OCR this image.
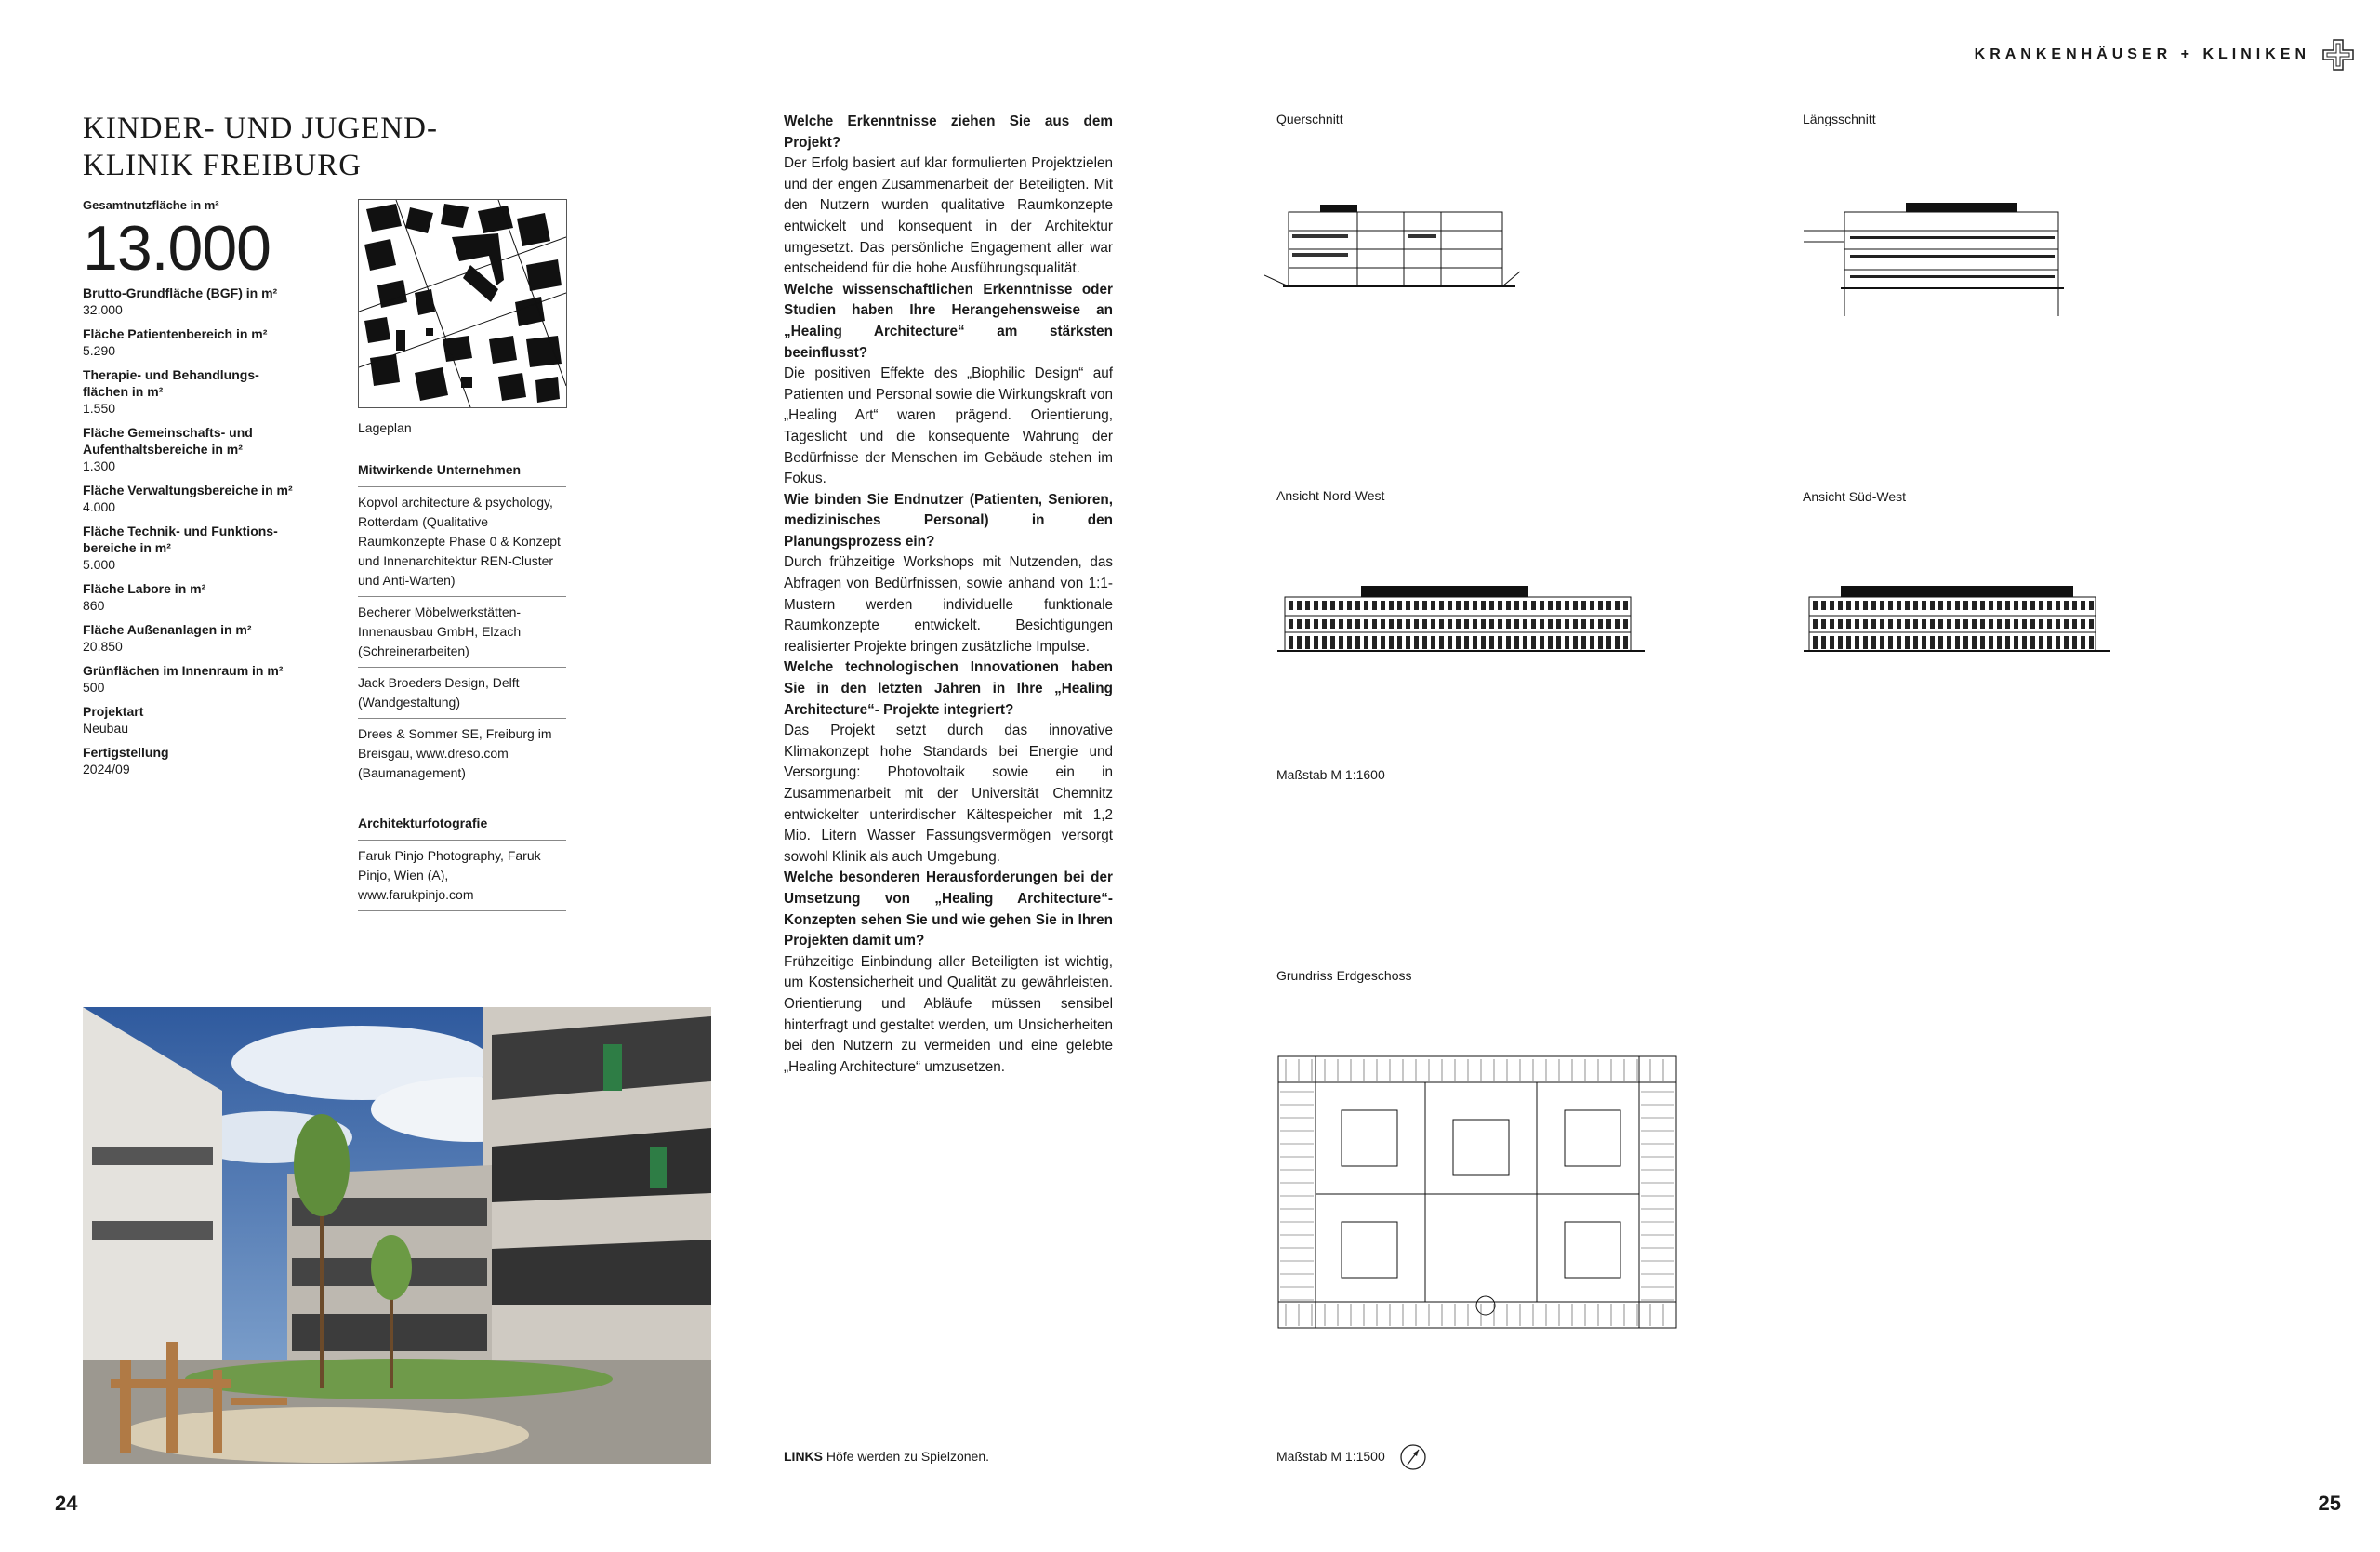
KRANKENHÄUSER + KLINIKEN
KINDER- UND JUGEND-
KLINIK FREIBURG
Gesamtnutzfläche in m²
13.000
Brutto-Grundfläche (BGF) in m²
32.000
Fläche Patientenbereich in m²
5.290
Therapie- und Behandlungs-
flächen in m²
1.550
Fläche Gemeinschafts- und
Aufenthaltsbereiche in m²
1.300
Fläche Verwaltungsbereiche in m²
4.000
Fläche Technik- und Funktions-
bereiche in m²
5.000
Fläche Labore in m²
860
Fläche Außenanlagen in m²
20.850
Grünflächen im Innenraum in m²
500
Projektart
Neubau
Fertigstellung
2024/09
Lageplan
Mitwirkende Unternehmen
Kopvol architecture & psychology, Rotterdam (Qualitative Raumkonzepte Phase 0 & Konzept und Innenarchitektur REN-Cluster und Anti-Warten)
Becherer Möbelwerkstätten-Innenausbau GmbH, Elzach (Schreinerarbeiten)
Jack Broeders Design, Delft (Wandgestaltung)
Drees & Sommer SE, Freiburg im Breisgau, www.dreso.com (Baumanagement)
Architekturfotografie
Faruk Pinjo Photography, Faruk Pinjo, Wien (A), www.farukpinjo.com
LINKS Höfe werden zu Spielzonen.
Welche Erkenntnisse ziehen Sie aus dem Projekt?
Der Erfolg basiert auf klar formulierten Projektzielen und der engen Zusammenarbeit der Beteiligten. Mit den Nutzern wurden qualitative Raumkonzepte entwickelt und konsequent in der Architektur umgesetzt. Das persönliche Engagement aller war entscheidend für die hohe Ausführungsqualität.
Welche wissenschaftlichen Erkenntnisse oder Studien haben Ihre Herangehensweise an „Healing Architecture“ am stärksten beeinflusst?
Die positiven Effekte des „Biophilic Design“ auf Patienten und Personal sowie die Wirkungskraft von „Healing Art“ waren prägend. Orientierung, Tageslicht und die konsequente Wahrung der Bedürfnisse der Menschen im Gebäude stehen im Fokus.
Wie binden Sie Endnutzer (Patienten, Senioren, medizinisches Personal) in den Planungsprozess ein?
Durch frühzeitige Workshops mit Nutzenden, das Abfragen von Bedürfnissen, sowie anhand von 1:1-Mustern werden individuelle funktionale Raumkonzepte entwickelt. Besichtigungen realisierter Projekte bringen zusätzliche Impulse.
Welche technologischen Innovationen haben Sie in den letzten Jahren in Ihre „Healing Architecture“- Projekte integriert?
Das Projekt setzt durch das innovative Klimakonzept hohe Standards bei Energie und Versorgung: Photovoltaik sowie ein in Zusammenarbeit mit der Universität Chemnitz entwickelter unterirdischer Kältespeicher mit 1,2 Mio. Litern Wasser Fassungsvermögen versorgt sowohl Klinik als auch Umgebung.
Welche besonderen Herausforderungen bei der Umsetzung von „Healing Architecture“-Konzepten sehen Sie und wie gehen Sie in Ihren Projekten damit um?
Frühzeitige Einbindung aller Beteiligten ist wichtig, um Kostensicherheit und Qualität zu gewährleisten. Orientierung und Abläufe müssen sensibel hinterfragt und gestaltet werden, um Unsicherheiten bei den Nutzern zu vermeiden und eine gelebte „Healing Architecture“ umzusetzen.
Querschnitt	Längsschnitt
Ansicht Nord-West	Ansicht Süd-West
Maßstab M 1:1600
Grundriss Erdgeschoss
Maßstab M 1:1500
24	25
